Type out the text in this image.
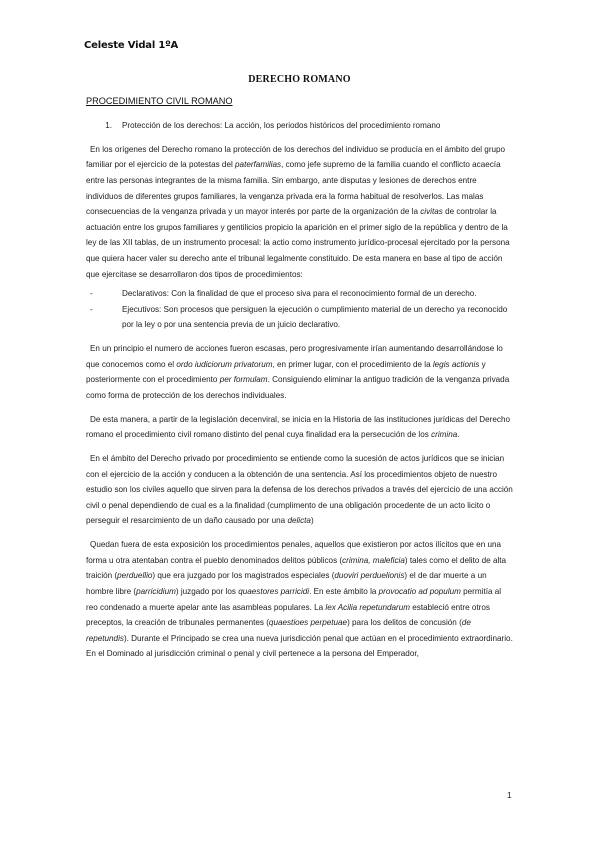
Celeste Vidal 1ºA
DERECHO ROMANO
PROCEDIMIENTO CIVIL ROMANO
1.	Protección de los derechos: La acción, los periodos históricos del procedimiento romano

En los orígenes del Derecho romano la protección de los derechos del individuo se producía en el ámbito del grupo familiar por el ejercicio de la potestas del paterfamilias, como jefe supremo de la familia cuando el conflicto acaecía entre las personas integrantes de la misma familia. Sin embargo, ante disputas y lesiones de derechos entre individuos de diferentes grupos familiares, la venganza privada era la forma habitual de resolverlos. Las malas consecuencias de la venganza privada y un mayor interés por parte de la organización de la civitas de controlar la actuación entre los grupos familiares y gentilicios propicio la aparición en el primer siglo de la república y dentro de la ley de las XII tablas, de un instrumento procesal: la actio como instrumento jurídico-procesal ejercitado por la persona que quiera hacer valer su derecho ante el tribunal legalmente constituido. De esta manera en base al tipo de acción que ejercitase se desarrollaron dos tipos de procedimientos:

-	Declarativos: Con la finalidad de que el proceso siva para el reconocimiento formal de un derecho.
-	Ejecutivos: Son procesos que persiguen la ejecución o cumplimiento material de un derecho ya reconocido por la ley o por una sentencia previa de un juicio declarativo.

En un principio el numero de acciones fueron escasas, pero progresivamente irían aumentando desarrollándose lo que conocemos como el ordo iudiciorum privatorum, en primer lugar, con el procedimiento de la legis actionis y posteriormente con el procedimiento per formulam. Consiguiendo eliminar la antiguo tradición de la venganza privada como forma de protección de los derechos individuales.

De esta manera, a partir de la legislación decenviral, se inicia en la Historia de las instituciones jurídicas del Derecho romano el procedimiento civil romano distinto del penal cuya finalidad era la persecución de los crimina.

En el ámbito del Derecho privado por procedimiento se entiende como la sucesión de actos jurídicos que se inician con el ejercicio de la acción y conducen a la obtención de una sentencia. Así los procedimientos objeto de nuestro estudio son los civiles aquello que sirven para la defensa de los derechos privados a través del ejercicio de una acción civil o penal dependiendo de cual es a la finalidad (cumplimento de una obligación procedente de un acto licito o perseguir el resarcimiento de un daño causado por una delicta)

Quedan fuera de esta exposición los procedimientos penales, aquellos que existieron por actos ilícitos que en una forma u otra atentaban contra el pueblo denominados delitos públicos (crimina, maleficia) tales como el delito de alta traición (perduellio) que era juzgado por los magistrados especiales (duoviri perduelionis) el de dar muerte a un hombre libre (parricidium) juzgado por los quaestores parricidi. En este ámbito la provocatio ad populum permitía al reo condenado a muerte apelar ante las asambleas populares. La lex Acilia repetundarum estableció entre otros preceptos, la creación de tribunales permanentes (quaestioes perpetuae) para los delitos de concusión (de repetundis). Durante el Principado se crea una nueva jurisdicción penal que actúan en el procedimiento extraordinario. En el Dominado al jurisdicción criminal o penal y civil pertenece a la persona del Emperador,

1
